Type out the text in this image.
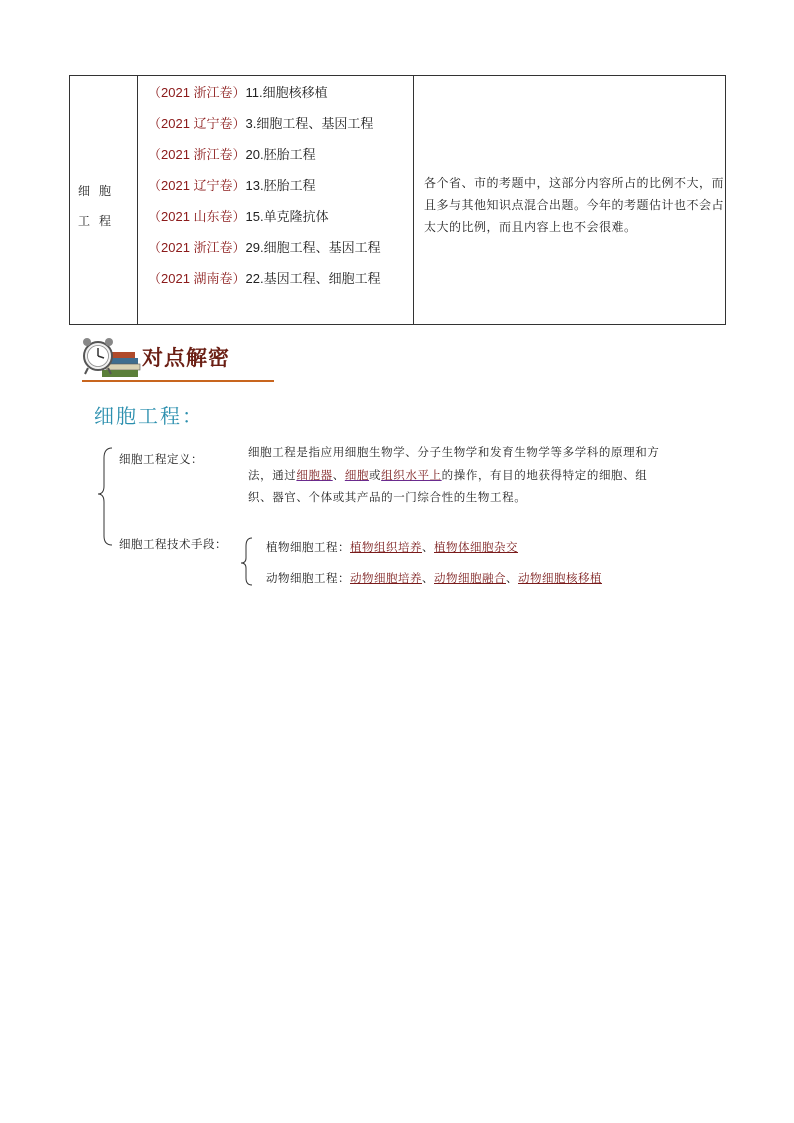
细胞工程
（2021 浙江卷）11.细胞核移植
（2021 辽宁卷）3.细胞工程、基因工程
（2021 浙江卷）20.胚胎工程
（2021 辽宁卷）13.胚胎工程
（2021 山东卷）15.单克隆抗体
（2021 浙江卷）29.细胞工程、基因工程
（2021 湖南卷）22.基因工程、细胞工程
各个省、市的考题中，这部分内容所占的比例不大，而且多与其他知识点混合出题。今年的考题估计也不会占太大的比例，而且内容上也不会很难。
对点解密
细胞工程：
细胞工程定义：	细胞工程是指应用细胞生物学、分子生物学和发育生物学等多学科的原理和方法，通过细胞器、细胞或组织水平上的操作，有目的地获得特定的细胞、组织、器官、个体或其产品的一门综合性的生物工程。
细胞工程技术手段：	植物细胞工程：植物组织培养、植物体细胞杂交
动物细胞工程：动物细胞培养、动物细胞融合、动物细胞核移植
